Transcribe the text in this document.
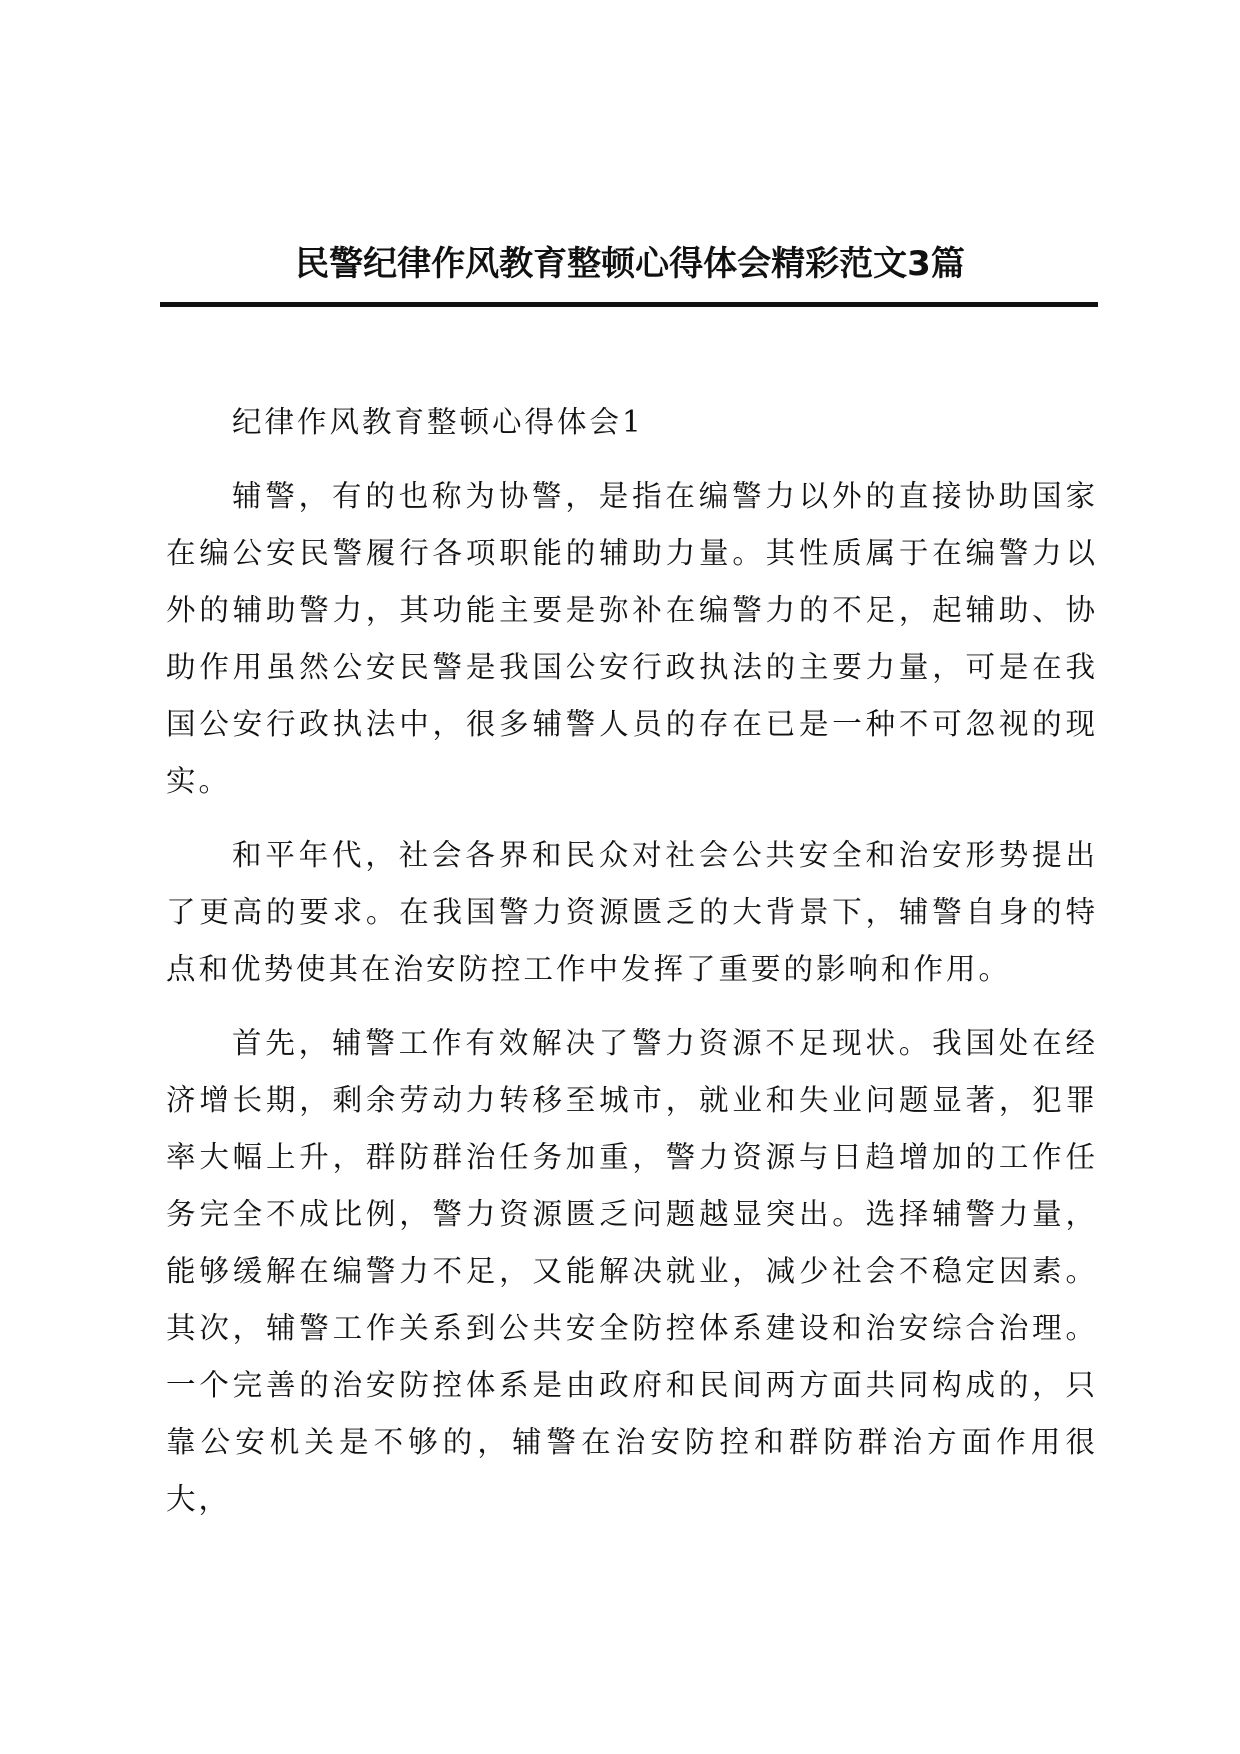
民警纪律作风教育整顿心得体会精彩范文3篇
纪律作风教育整顿心得体会1

辅警，有的也称为协警，是指在编警力以外的直接协助国家在编公安民警履行各项职能的辅助力量。其性质属于在编警力以外的辅助警力，其功能主要是弥补在编警力的不足，起辅助、协助作用虽然公安民警是我国公安行政执法的主要力量，可是在我国公安行政执法中，很多辅警人员的存在已是一种不可忽视的现实。

和平年代，社会各界和民众对社会公共安全和治安形势提出了更高的要求。在我国警力资源匮乏的大背景下，辅警自身的特点和优势使其在治安防控工作中发挥了重要的影响和作用。

首先，辅警工作有效解决了警力资源不足现状。我国处在经济增长期，剩余劳动力转移至城市，就业和失业问题显著，犯罪率大幅上升，群防群治任务加重，警力资源与日趋增加的工作任务完全不成比例，警力资源匮乏问题越显突出。选择辅警力量，能够缓解在编警力不足，又能解决就业，减少社会不稳定因素。其次，辅警工作关系到公共安全防控体系建设和治安综合治理。一个完善的治安防控体系是由政府和民间两方面共同构成的，只靠公安机关是不够的，辅警在治安防控和群防群治方面作用很大，
